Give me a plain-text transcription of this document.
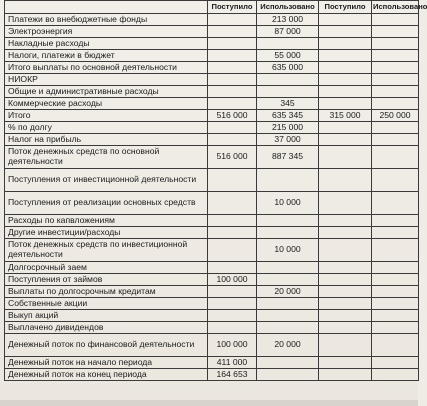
	Поступило	Использовано	Поступило	Использовано
Платежи во внебюджетные фонды		213 000		
Электроэнергия		87 000		
Накладные расходы				
Налоги, платежи в бюджет		55 000		
Итого выплаты по основной деятельности		635 000		
НИОКР				
Общие и административные расходы				
Коммерческие расходы		345		
Итого	516 000	635 345	315 000	250 000
% по долгу		215 000		
Налог на прибыль		37 000		
Поток денежных средств по основной деятельности	516 000	887 345		
Поступления от инвестиционной деятельности				
Поступления от реализации основных средств		10 000		
Расходы по капвложениям				
Другие инвестиции/расходы				
Поток денежных средств по инвестиционной деятельности		10 000		
Долгосрочный заем				
Поступления от займов	100 000			
Выплаты по долгосрочным кредитам		20 000		
Собственные акции				
Выкуп акций				
Выплачено дивидендов				
Денежный поток по финансовой деятельности	100 000	20 000		
Денежный поток на начало периода	411 000			
Денежный поток на конец периода	164 653			
